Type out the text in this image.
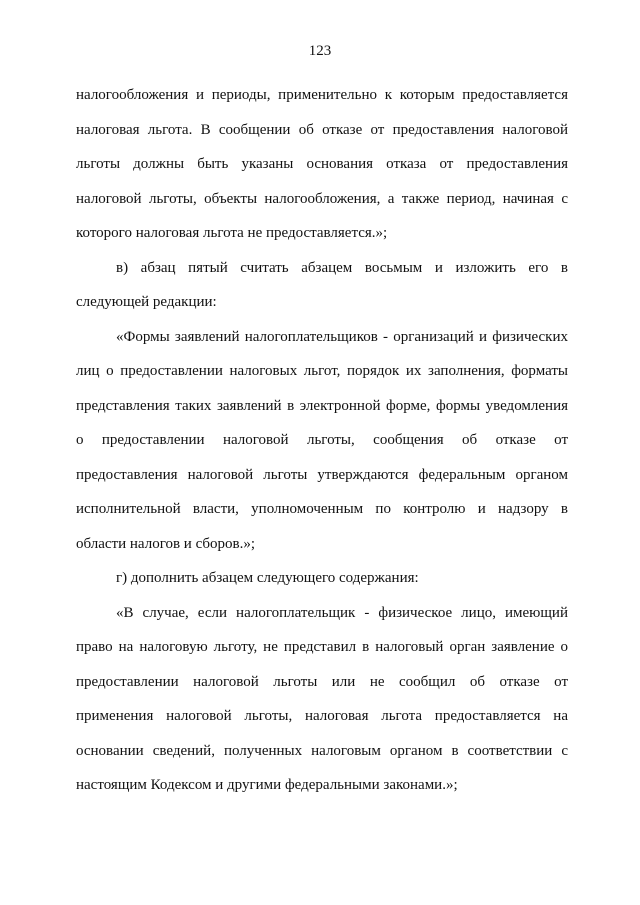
123
налогообложения и периоды, применительно к которым предоставляется
налоговая льгота. В сообщении об отказе от предоставления налоговой
льготы должны быть указаны основания отказа от предоставления
налоговой льготы, объекты налогообложения, а также период, начиная с
которого налоговая льгота не предоставляется.»;
в) абзац пятый считать абзацем восьмым и изложить его в
следующей редакции:
«Формы заявлений налогоплательщиков - организаций и физических
лиц о предоставлении налоговых льгот, порядок их заполнения, форматы
представления таких заявлений в электронной форме, формы уведомления
о предоставлении налоговой льготы, сообщения об отказе от
предоставления налоговой льготы утверждаются федеральным органом
исполнительной власти, уполномоченным по контролю и надзору в
области налогов и сборов.»;
г) дополнить абзацем следующего содержания:
«В случае, если налогоплательщик - физическое лицо, имеющий
право на налоговую льготу, не представил в налоговый орган заявление о
предоставлении налоговой льготы или не сообщил об отказе от
применения налоговой льготы, налоговая льгота предоставляется на
основании сведений, полученных налоговым органом в соответствии с
настоящим Кодексом и другими федеральными законами.»;
